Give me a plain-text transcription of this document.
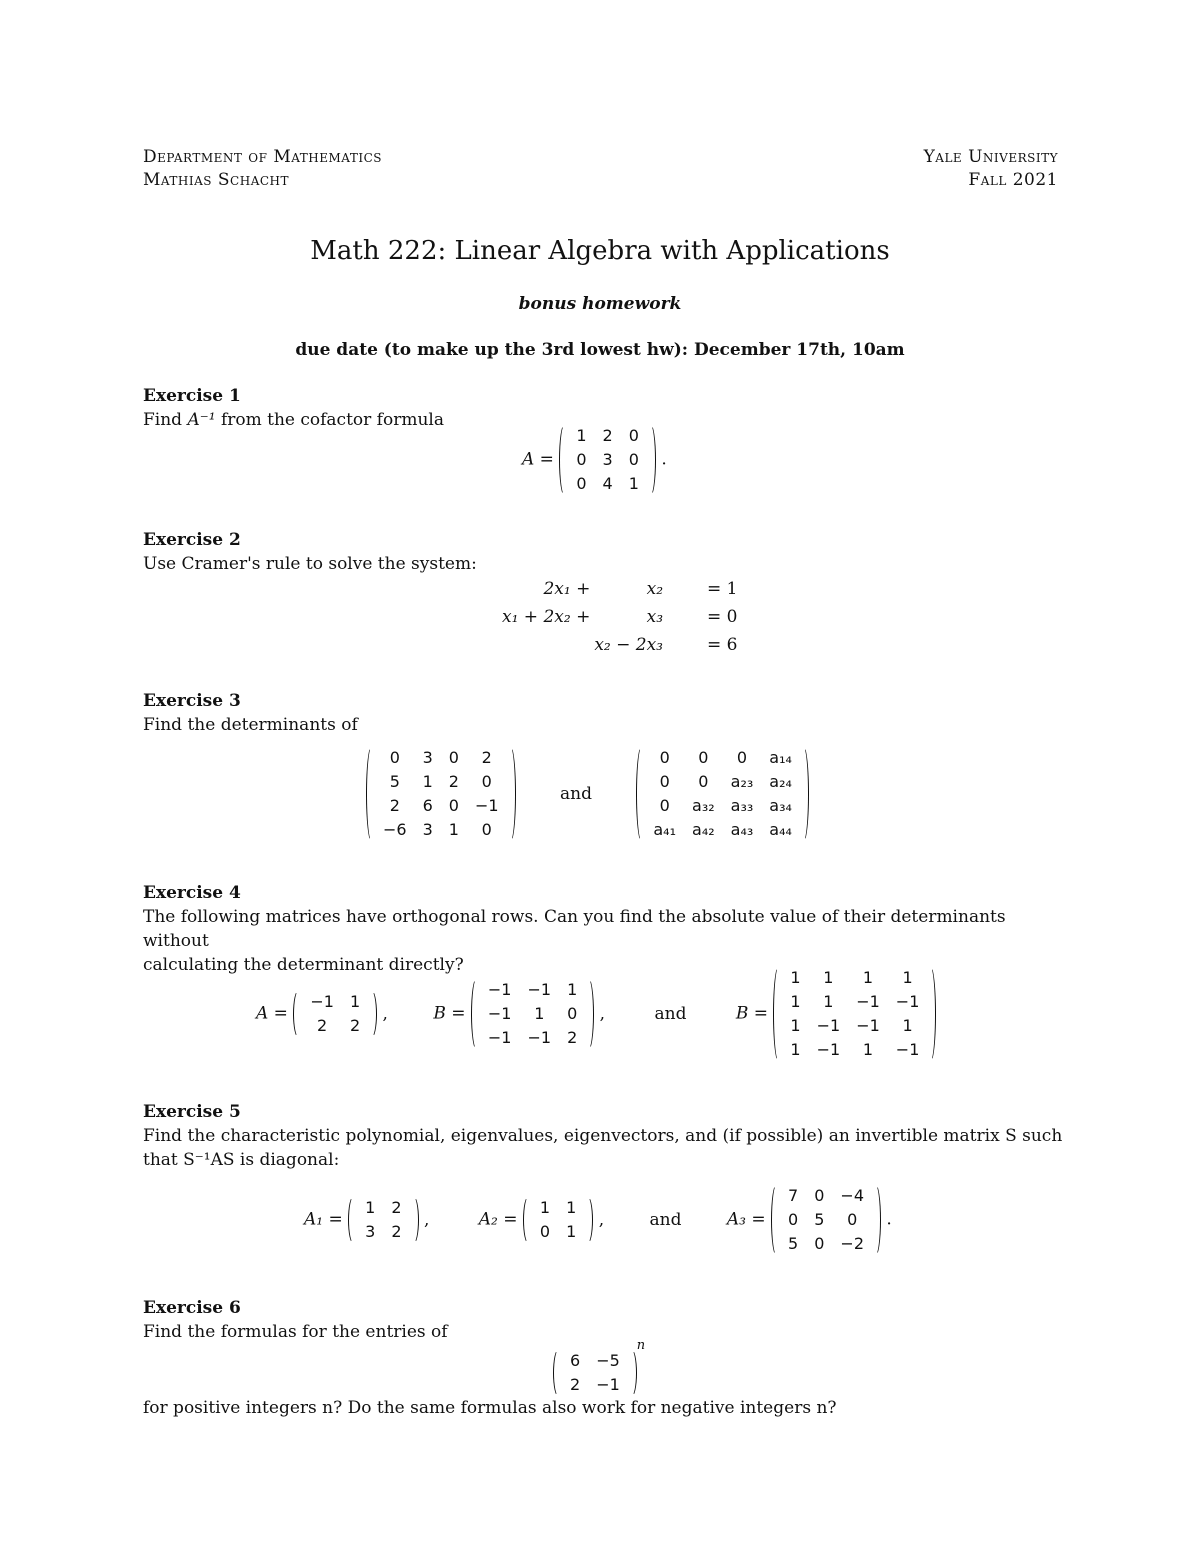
Department of Mathematics
Mathias Schacht
Yale University
Fall 2021
Math 222: Linear Algebra with Applications
bonus homework
due date (to make up the 3rd lowest hw): December 17th, 10am
Exercise 1
Find A⁻¹ from the cofactor formula
A =
1	2	0
0	3	0
0	4	1
.
Exercise 2
Use Cramer's rule to solve the system:
2x₁ +	x₂		= 1
x₁ + 2x₂ +	x₃		= 0
	x₂ − 2x₃		= 6
Exercise 3
Find the determinants of
0	3	0	2
5	1	2	0
2	6	0	−1
−6	3	1	0
and
0	0	0	a₁₄
0	0	a₂₃	a₂₄
0	a₃₂	a₃₃	a₃₄
a₄₁	a₄₂	a₄₃	a₄₄
Exercise 4
The following matrices have orthogonal rows. Can you find the absolute value of their determinants without
calculating the determinant directly?
A =
−1	1
2	2
,	B =
−1	−1	1
−1	1	0
−1	−1	2
,	and	B =
1	1	1	1
1	1	−1	−1
1	−1	−1	1
1	−1	1	−1
Exercise 5
Find the characteristic polynomial, eigenvalues, eigenvectors, and (if possible) an invertible matrix S such
that S⁻¹AS is diagonal:
A₁ =
1	2
3	2
,	A₂ =
1	1
0	1
,	and	A₃ =
7	0	−4
0	5	0
5	0	−2
.
Exercise 6
Find the formulas for the entries of
6	−5
2	−1
$^n$
for positive integers n? Do the same formulas also work for negative integers n?
